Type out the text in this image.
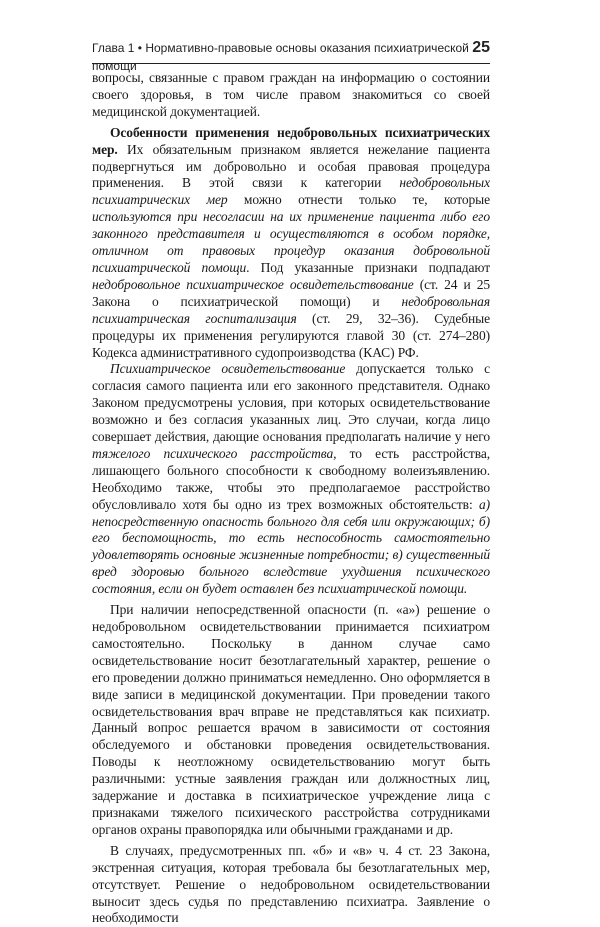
Глава 1 • Нормативно-правовые основы оказания психиатрической помощи
25

вопросы, связанные с правом граждан на информацию о состоянии своего здоровья, в том числе правом знакомиться со своей медицинской документацией.

Особенности применения недобровольных психиатрических мер. Их обязательным признаком является нежелание пациента подвергнуться им добровольно и особая правовая процедура применения. В этой связи к категории недобровольных психиатрических мер можно отнести только те, которые используются при несогласии на их применение пациента либо его законного представителя и осуществляются в особом порядке, отличном от правовых процедур оказания добровольной психиатрической помощи. Под указанные признаки подпадают недобровольное психиатрическое освидетельствование (ст. 24 и 25 Закона о психиатрической помощи) и недобровольная психиатрическая госпитализация (ст. 29, 32–36). Судебные процедуры их применения регулируются главой 30 (ст. 274–280) Кодекса административного судопроизводства (КАС) РФ.

Психиатрическое освидетельствование допускается только с согласия самого пациента или его законного представителя. Однако Законом предусмотрены условия, при которых освидетельствование возможно и без согласия указанных лиц. Это случаи, когда лицо совершает действия, дающие основания предполагать наличие у него тяжелого психического расстройства, то есть расстройства, лишающего больного способности к свободному волеизъявлению. Необходимо также, чтобы это предполагаемое расстройство обусловливало хотя бы одно из трех возможных обстоятельств: а) непосредственную опасность больного для себя или окружающих; б) его беспомощность, то есть неспособность самостоятельно удовлетворять основные жизненные потребности; в) существенный вред здоровью больного вследствие ухудшения психического состояния, если он будет оставлен без психиатрической помощи.

При наличии непосредственной опасности (п. «а») решение о недобровольном освидетельствовании принимается психиатром самостоятельно. Поскольку в данном случае само освидетельствование носит безотлагательный характер, решение о его проведении должно приниматься немедленно. Оно оформляется в виде записи в медицинской документации. При проведении такого освидетельствования врач вправе не представляться как психиатр. Данный вопрос решается врачом в зависимости от состояния обследуемого и обстановки проведения освидетельствования. Поводы к неотложному освидетельствованию могут быть различными: устные заявления граждан или должностных лиц, задержание и доставка в психиатрическое учреждение лица с признаками тяжелого психического расстройства сотрудниками органов охраны правопорядка или обычными гражданами и др.

В случаях, предусмотренных пп. «б» и «в» ч. 4 ст. 23 Закона, экстренная ситуация, которая требовала бы безотлагательных мер, отсутствует. Решение о недобровольном освидетельствовании выносит здесь судья по представлению психиатра. Заявление о необходимости
